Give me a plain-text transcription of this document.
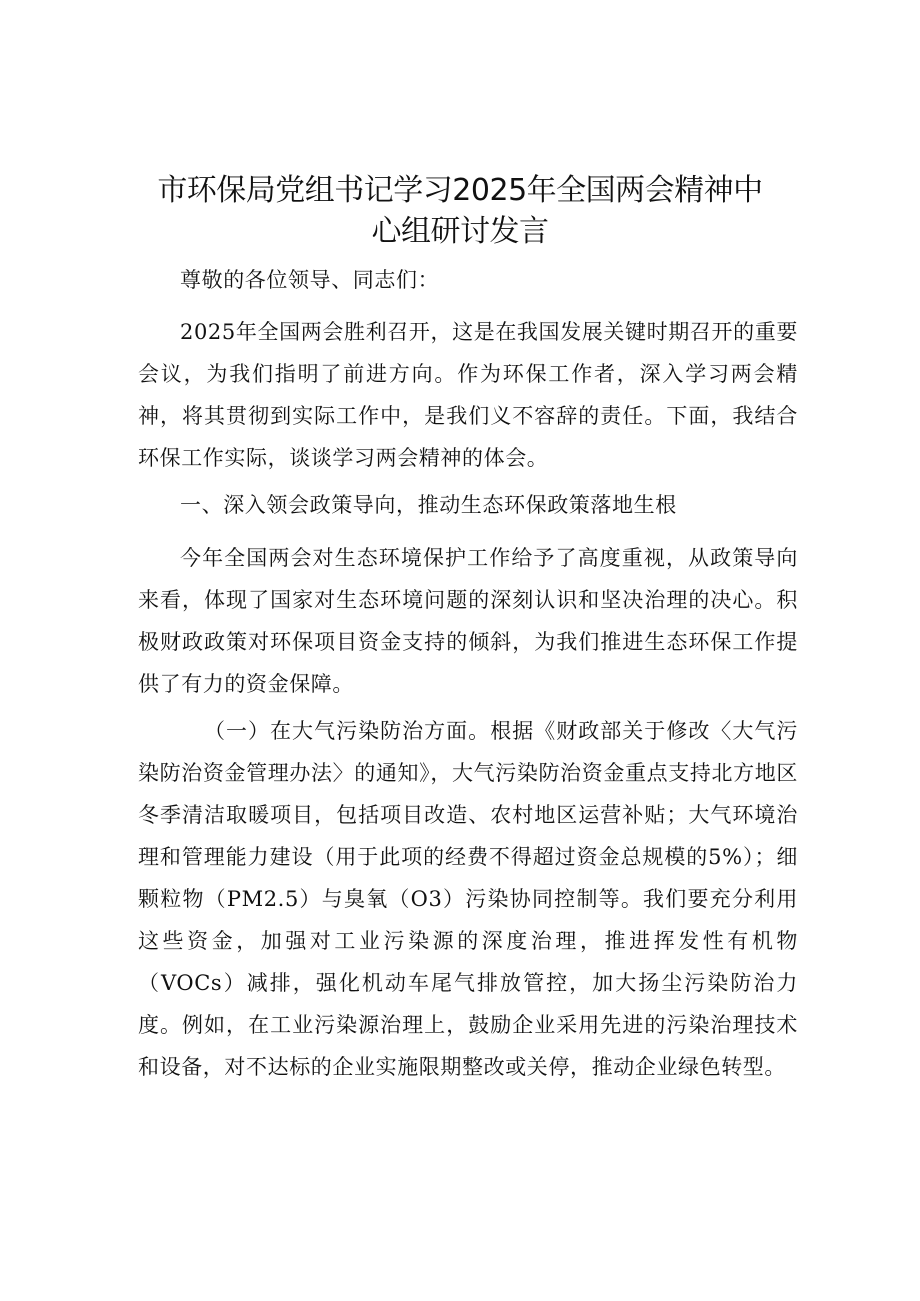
市环保局党组书记学习2025年全国两会精神中
心组研讨发言

尊敬的各位领导、同志们：

2025年全国两会胜利召开，这是在我国发展关键时期召开的重要会议，为我们指明了前进方向。作为环保工作者，深入学习两会精神，将其贯彻到实际工作中，是我们义不容辞的责任。下面，我结合环保工作实际，谈谈学习两会精神的体会。

一、深入领会政策导向，推动生态环保政策落地生根

今年全国两会对生态环境保护工作给予了高度重视，从政策导向来看，体现了国家对生态环境问题的深刻认识和坚决治理的决心。积极财政政策对环保项目资金支持的倾斜，为我们推进生态环保工作提供了有力的资金保障。

（一）在大气污染防治方面。根据《财政部关于修改〈大气污染防治资金管理办法〉的通知》，大气污染防治资金重点支持北方地区冬季清洁取暖项目，包括项目改造、农村地区运营补贴；大气环境治理和管理能力建设（用于此项的经费不得超过资金总规模的5%）；细颗粒物（PM2.5）与臭氧（O3）污染协同控制等。我们要充分利用这些资金，加强对工业污染源的深度治理，推进挥发性有机物（VOCs）减排，强化机动车尾气排放管控，加大扬尘污染防治力度。例如，在工业污染源治理上，鼓励企业采用先进的污染治理技术和设备，对不达标的企业实施限期整改或关停，推动企业绿色转型。
